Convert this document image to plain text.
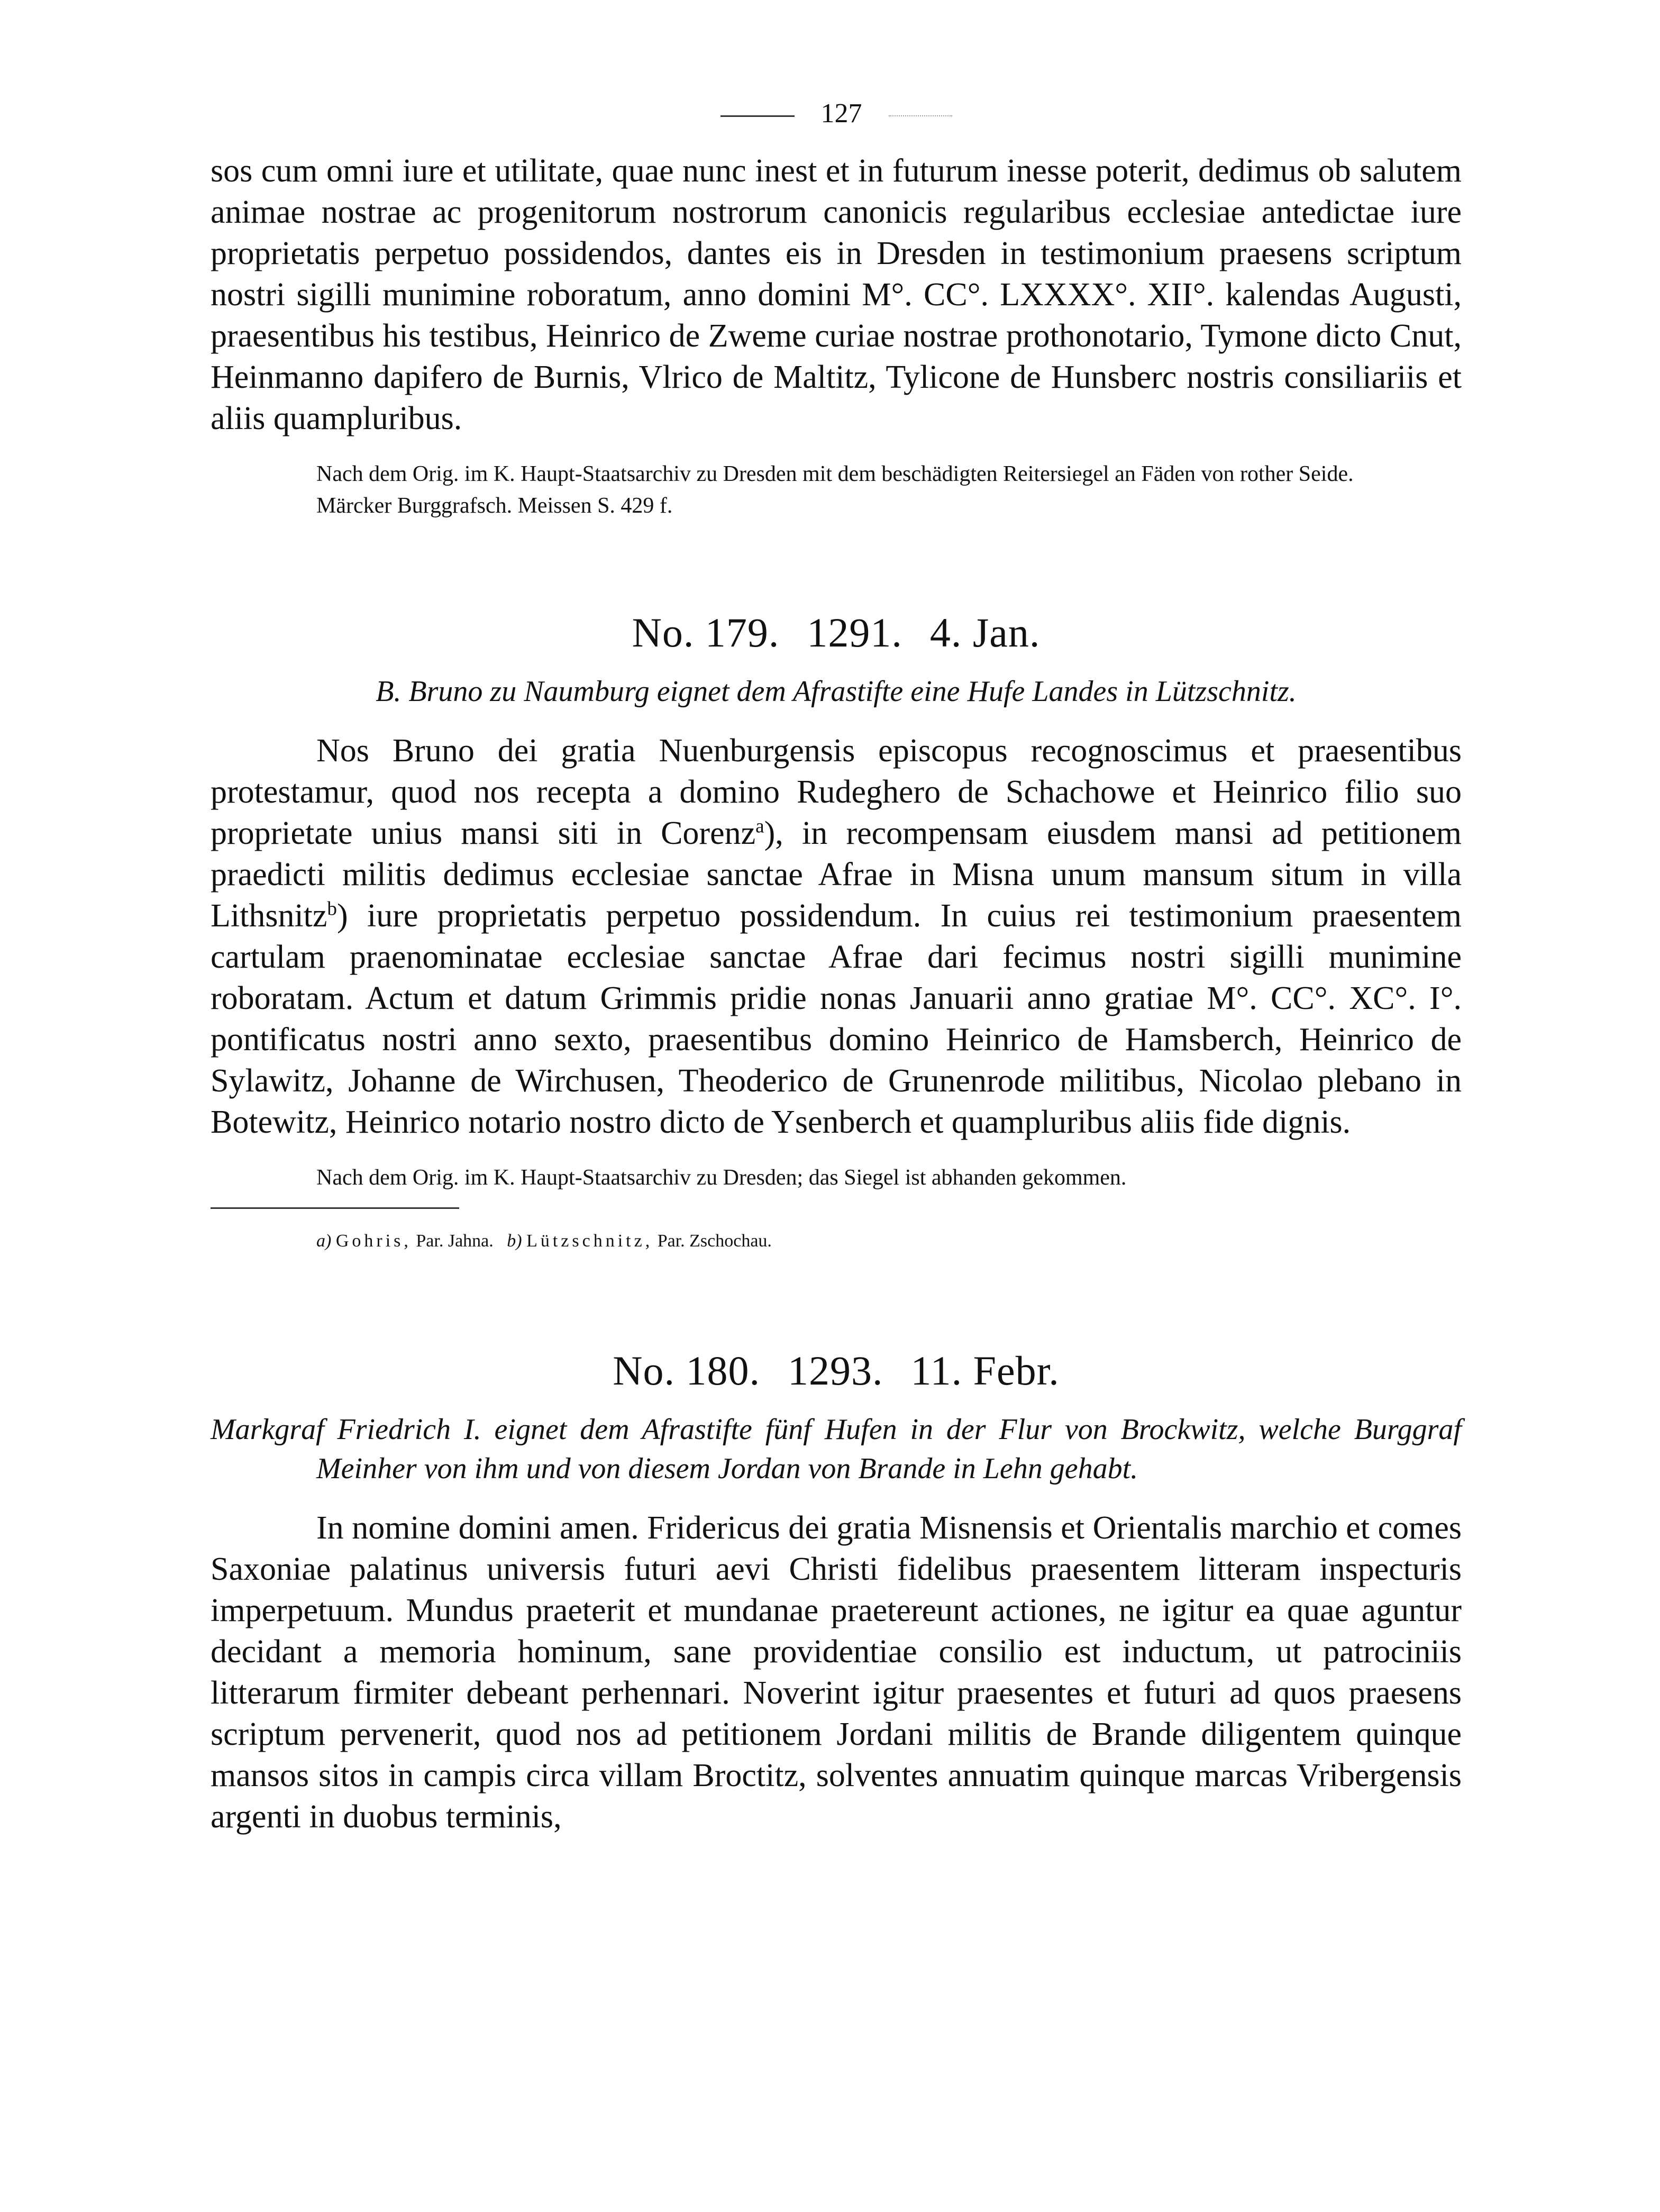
127

sos cum omni iure et utilitate, quae nunc inest et in futurum inesse poterit, dedimus ob salutem animae nostrae ac progenitorum nostrorum canonicis regularibus ecclesiae antedictae iure proprietatis perpetuo possidendos, dantes eis in Dresden in testimonium praesens scriptum nostri sigilli munimine roboratum, anno domini M°. CC°. LXXXX°. XII°. kalendas Augusti, praesentibus his testibus, Heinrico de Zweme curiae nostrae prothonotario, Tymone dicto Cnut, Heinmanno dapifero de Burnis, Vlrico de Maltitz, Tylicone de Hunsberc nostris consiliariis et aliis quampluribus.

Nach dem Orig. im K. Haupt-Staatsarchiv zu Dresden mit dem beschädigten Reitersiegel an Fäden von rother Seide.

Märcker Burggrafsch. Meissen S. 429 f.

No. 179. 1291. 4. Jan.
B. Bruno zu Naumburg eignet dem Afrastifte eine Hufe Landes in Lützschnitz.

Nos Bruno dei gratia Nuenburgensis episcopus recognoscimus et praesentibus protestamur, quod nos recepta a domino Rudeghero de Schachowe et Heinrico filio suo proprietate unius mansi siti in Corenz$^a$), in recompensam eiusdem mansi ad petitionem praedicti militis dedimus ecclesiae sanctae Afrae in Misna unum mansum situm in villa Lithsnitz$^b$) iure proprietatis perpetuo possidendum. In cuius rei testimonium praesentem cartulam praenominatae ecclesiae sanctae Afrae dari fecimus nostri sigilli munimine roboratam. Actum et datum Grimmis pridie nonas Januarii anno gratiae M°. CC°. XC°. I°. pontificatus nostri anno sexto, praesentibus domino Heinrico de Hamsberch, Heinrico de Sylawitz, Johanne de Wirchusen, Theoderico de Grunenrode militibus, Nicolao plebano in Botewitz, Heinrico notario nostro dicto de Ysenberch et quampluribus aliis fide dignis.

Nach dem Orig. im K. Haupt-Staatsarchiv zu Dresden; das Siegel ist abhanden gekommen.

a) Gohris, Par. Jahna. b) Lützschnitz, Par. Zschochau.
No. 180. 1293. 11. Febr.
Markgraf Friedrich I. eignet dem Afrastifte fünf Hufen in der Flur von Brockwitz, welche Burggraf Meinher von ihm und von diesem Jordan von Brande in Lehn gehabt.

In nomine domini amen. Fridericus dei gratia Misnensis et Orientalis marchio et comes Saxoniae palatinus universis futuri aevi Christi fidelibus praesentem litteram inspecturis imperpetuum. Mundus praeterit et mundanae praetereunt actiones, ne igitur ea quae aguntur decidant a memoria hominum, sane providentiae consilio est inductum, ut patrociniis litterarum firmiter debeant perhennari. Noverint igitur praesentes et futuri ad quos praesens scriptum pervenerit, quod nos ad petitionem Jordani militis de Brande diligentem quinque mansos sitos in campis circa villam Broctitz, solventes annuatim quinque marcas Vribergensis argenti in duobus terminis,
